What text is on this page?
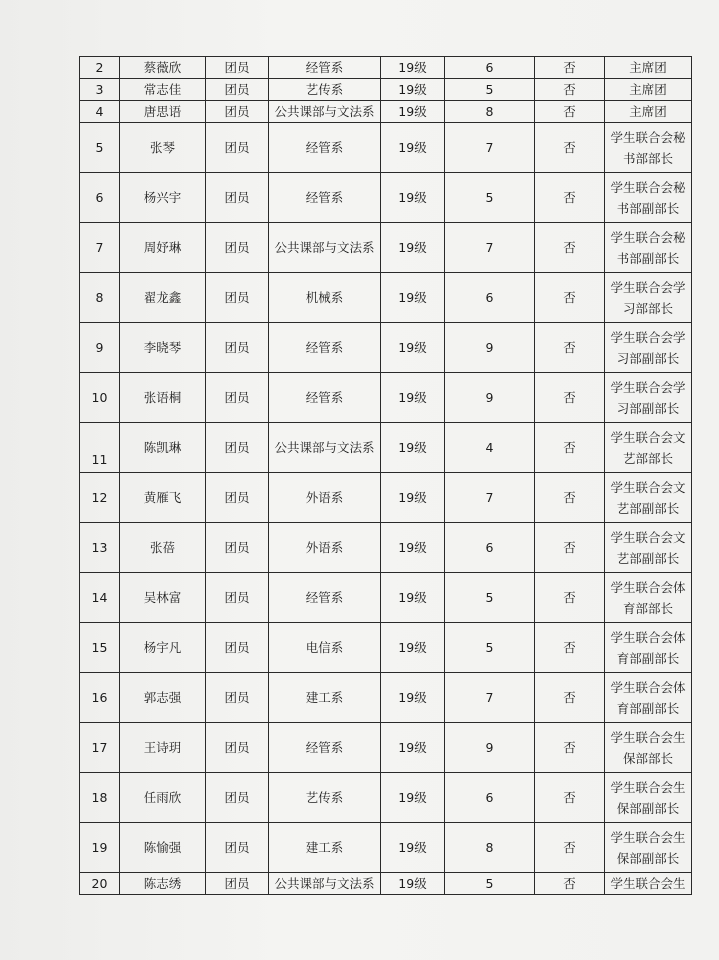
2	蔡薇欣	团员	经管系	19级	6	否	主席团
3	常志佳	团员	艺传系	19级	5	否	主席团
4	唐思语	团员	公共课部与文法系	19级	8	否	主席团
5	张琴	团员	经管系	19级	7	否	学生联合会秘书部部长
6	杨兴宇	团员	经管系	19级	5	否	学生联合会秘书部副部长
7	周妤琳	团员	公共课部与文法系	19级	7	否	学生联合会秘书部副部长
8	翟龙鑫	团员	机械系	19级	6	否	学生联合会学习部部长
9	李晓琴	团员	经管系	19级	9	否	学生联合会学习部副部长
10	张语桐	团员	经管系	19级	9	否	学生联合会学习部副部长
11	陈凯琳	团员	公共课部与文法系	19级	4	否	学生联合会文艺部部长
12	黄雁飞	团员	外语系	19级	7	否	学生联合会文艺部副部长
13	张蓓	团员	外语系	19级	6	否	学生联合会文艺部副部长
14	吴林富	团员	经管系	19级	5	否	学生联合会体育部部长
15	杨宇凡	团员	电信系	19级	5	否	学生联合会体育部副部长
16	郭志强	团员	建工系	19级	7	否	学生联合会体育部副部长
17	王诗玥	团员	经管系	19级	9	否	学生联合会生保部部长
18	任雨欣	团员	艺传系	19级	6	否	学生联合会生保部副部长
19	陈愉强	团员	建工系	19级	8	否	学生联合会生保部副部长
20	陈志绣	团员	公共课部与文法系	19级	5	否	学生联合会生
